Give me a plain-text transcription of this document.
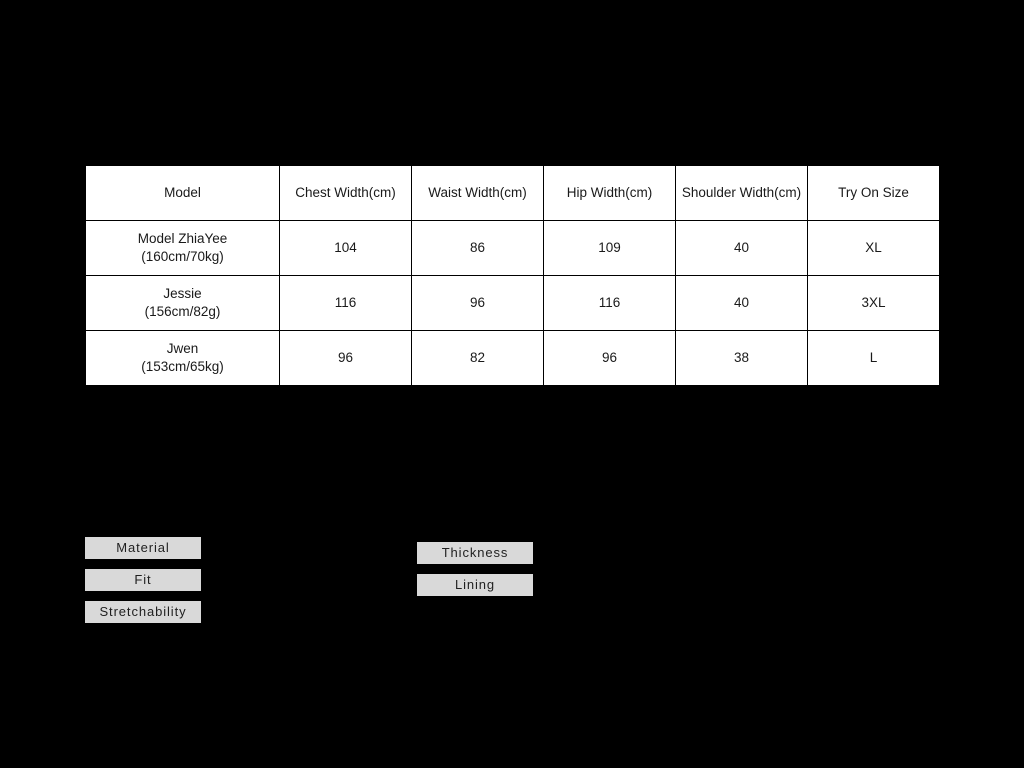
Model	Chest Width(cm)	Waist Width(cm)	Hip Width(cm)	Shoulder Width(cm)	Try On Size

Model ZhiaYee
(160cm/70kg)	104	86	109	40	XL

Jessie
(156cm/82g)	116	96	116	40	3XL

Jwen
(153cm/65kg)	96	82	96	38	L
Material
Fit
Stretchability
Thickness
Lining
